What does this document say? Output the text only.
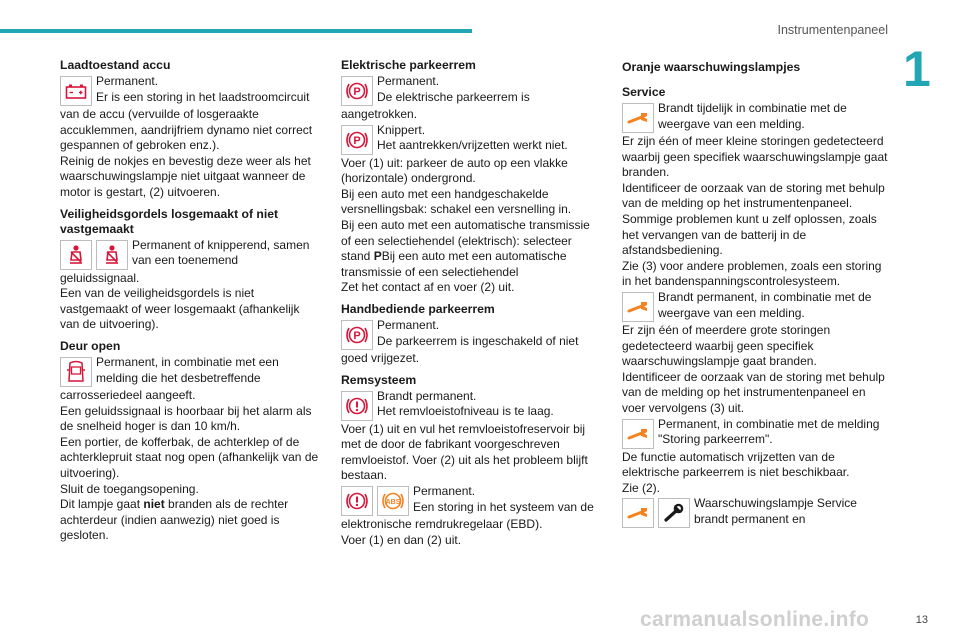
Instrumentenpaneel
1
Laadtoestand accu

Permanent.

Er is een storing in het laadstroomcircuit

van de accu (vervuilde of losgeraakte accuklemmen, aandrijfriem dynamo niet correct gespannen of gebroken enz.).

Reinig de nokjes en bevestig deze weer als het waarschuwingslampje niet uitgaat wanneer de motor is gestart, (2) uitvoeren.

Veiligheidsgordels losgemaakt of niet vastgemaakt

Permanent of knipperend, samen van een toenemend

geluidssignaal.

Een van de veiligheidsgordels is niet vastgemaakt of weer losgemaakt (afhankelijk van de uitvoering).

Deur open

Permanent, in combinatie met een melding die het desbetreffende

carrosseriedeel aangeeft.

Een geluidssignaal is hoorbaar bij het alarm als de snelheid hoger is dan 10 km/h.

Een portier, de kofferbak, de achterklep of de achterklepruit staat nog open (afhankelijk van de uitvoering).

Sluit de toegangsopening.

Dit lampje gaat niet branden als de rechter achterdeur (indien aanwezig) niet goed is gesloten.

Elektrische parkeerrem
P

Permanent.

De elektrische parkeerrem is

aangetrokken.

P

Knippert.

Het aantrekken/vrijzetten werkt niet.

Voer (1) uit: parkeer de auto op een vlakke (horizontale) ondergrond.

Bij een auto met een handgeschakelde versnellingsbak: schakel een versnelling in.

Bij een auto met een automatische transmissie of een selectiehendel (elektrisch): selecteer stand PBij een auto met een automatische transmissie of een selectiehendel

Zet het contact af en voer (2) uit.

Handbediende parkeerrem
P

Permanent.

De parkeerrem is ingeschakeld of niet

goed vrijgezet.

Remsysteem

Brandt permanent.

Het remvloeistofniveau is te laag.

Voer (1) uit en vul het remvloeistofreservoir bij met de door de fabrikant voorgeschreven remvloeistof. Voer (2) uit als het probleem blijft bestaan.

ABS

Permanent.

Een storing in het systeem van de

elektronische remdrukregelaar (EBD).

Voer (1) en dan (2) uit.

Oranje waarschuwingslampjes
Service

Brandt tijdelijk in combinatie met de weergave van een melding.

Er zijn één of meer kleine storingen gedetecteerd waarbij geen specifiek waarschuwingslampje gaat branden.

Identificeer de oorzaak van de storing met behulp van de melding op het instrumentenpaneel.

Sommige problemen kunt u zelf oplossen, zoals het vervangen van de batterij in de afstandsbediening.

Zie (3) voor andere problemen, zoals een storing in het bandenspanningscontrolesysteem.

Brandt permanent, in combinatie met de weergave van een melding.

Er zijn één of meerdere grote storingen gedetecteerd waarbij geen specifiek waarschuwingslampje gaat branden.

Identificeer de oorzaak van de storing met behulp van de melding op het instrumentenpaneel en voer vervolgens (3) uit.

Permanent, in combinatie met de melding "Storing parkeerrem".

De functie automatisch vrijzetten van de elektrische parkeerrem is niet beschikbaar.

Zie (2).

Waarschuwingslampje Service brandt permanent en

carmanualsonline.info	13
